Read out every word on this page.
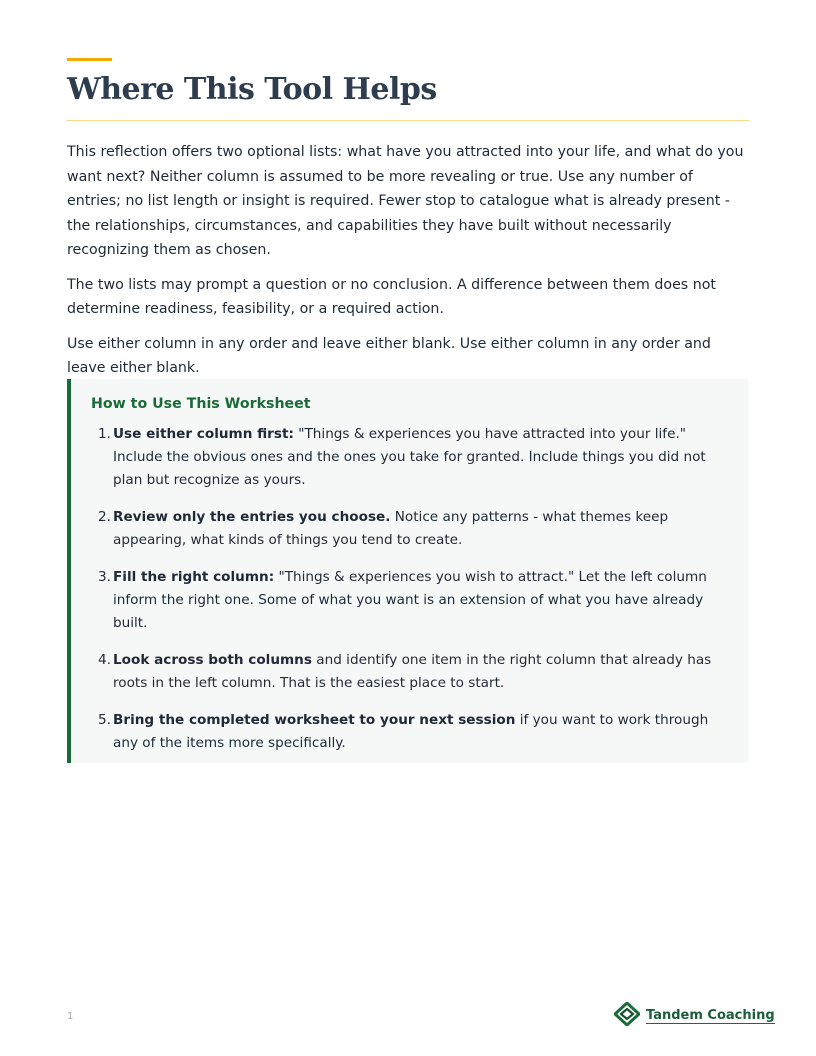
Where This Tool Helps

This reflection offers two optional lists: what have you attracted into your life, and what do you want next? Neither column is assumed to be more revealing or true. Use any number of entries; no list length or insight is required. Fewer stop to catalogue what is already present - the relationships, circumstances, and capabilities they have built without necessarily recognizing them as chosen.

The two lists may prompt a question or no conclusion. A difference between them does not determine readiness, feasibility, or a required action.

Use either column in any order and leave either blank. Use either column in any order and leave either blank.

How to Use This Worksheet
1. Use either column first: "Things & experiences you have attracted into your life." Include the obvious ones and the ones you take for granted. Include things you did not plan but recognize as yours.
2. Review only the entries you choose. Notice any patterns - what themes keep appearing, what kinds of things you tend to create.
3. Fill the right column: "Things & experiences you wish to attract." Let the left column inform the right one. Some of what you want is an extension of what you have already built.
4. Look across both columns and identify one item in the right column that already has roots in the left column. That is the easiest place to start.
5. Bring the completed worksheet to your next session if you want to work through any of the items more specifically.
1	Tandem Coaching
